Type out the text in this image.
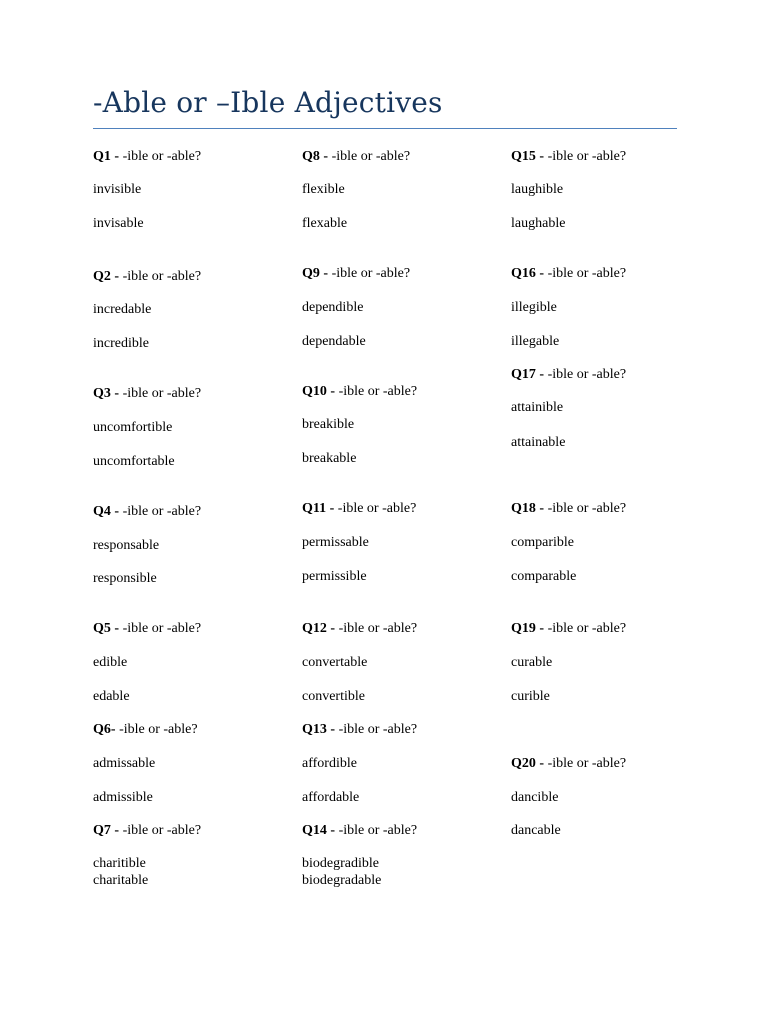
-Able or –Ible Adjectives
Q1 - -ible or -able?
invisible
invisable
Q2 - -ible or -able?
incredable
incredible
Q3 - -ible or -able?
uncomfortible
uncomfortable
Q4 - -ible or -able?
responsable
responsible
Q5 - -ible or -able?
edible
edable
Q6- -ible or -able?
admissable
admissible
Q7 - -ible or -able?
charitible
charitable
Q8 - -ible or -able?
flexible
flexable
Q9 - -ible or -able?
dependible
dependable
Q10 - -ible or -able?
breakible
breakable
Q11 - -ible or -able?
permissable
permissible
Q12 - -ible or -able?
convertable
convertible
Q13 - -ible or -able?
affordible
affordable
Q14 - -ible or -able?
biodegradible
biodegradable
Q15 - -ible or -able?
laughible
laughable
Q16 - -ible or -able?
illegible
illegable
Q17 - -ible or -able?
attainible
attainable
Q18 - -ible or -able?
comparible
comparable
Q19 - -ible or -able?
curable
curible
Q20 - -ible or -able?
dancible
dancable
